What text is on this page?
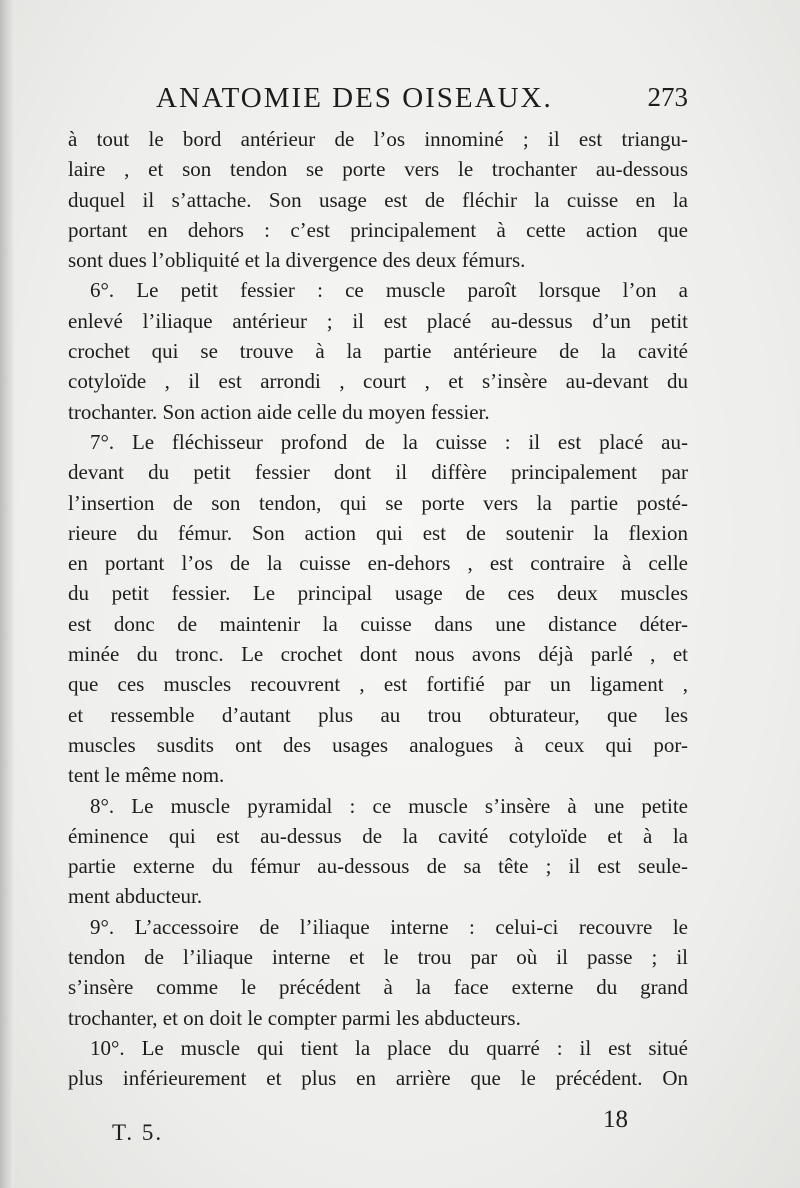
ANATOMIE DES OISEAUX.	273
à tout le bord antérieur de l’os innominé ; il est triangu-
laire , et son tendon se porte vers le trochanter au-dessous
duquel il s’attache. Son usage est de fléchir la cuisse en la
portant en dehors : c’est principalement à cette action que
sont dues l’obliquité et la divergence des deux fémurs.
6°. Le petit fessier : ce muscle paroît lorsque l’on a
enlevé l’iliaque antérieur ; il est placé au-dessus d’un petit
crochet qui se trouve à la partie antérieure de la cavité
cotyloïde , il est arrondi , court , et s’insère au-devant du
trochanter. Son action aide celle du moyen fessier.
7°. Le fléchisseur profond de la cuisse : il est placé au-
devant du petit fessier dont il diffère principalement par
l’insertion de son tendon, qui se porte vers la partie posté-
rieure du fémur. Son action qui est de soutenir la flexion
en portant l’os de la cuisse en-dehors , est contraire à celle
du petit fessier. Le principal usage de ces deux muscles
est donc de maintenir la cuisse dans une distance déter-
minée du tronc. Le crochet dont nous avons déjà parlé , et
que ces muscles recouvrent , est fortifié par un ligament ,
et ressemble d’autant plus au trou obturateur, que les
muscles susdits ont des usages analogues à ceux qui por-
tent le même nom.
8°. Le muscle pyramidal : ce muscle s’insère à une petite
éminence qui est au-dessus de la cavité cotyloïde et à la
partie externe du fémur au-dessous de sa tête ; il est seule-
ment abducteur.
9°. L’accessoire de l’iliaque interne : celui-ci recouvre le
tendon de l’iliaque interne et le trou par où il passe ; il
s’insère comme le précédent à la face externe du grand
trochanter, et on doit le compter parmi les abducteurs.
10°. Le muscle qui tient la place du quarré : il est situé
plus inférieurement et plus en arrière que le précédent. On
T. 5.	18
